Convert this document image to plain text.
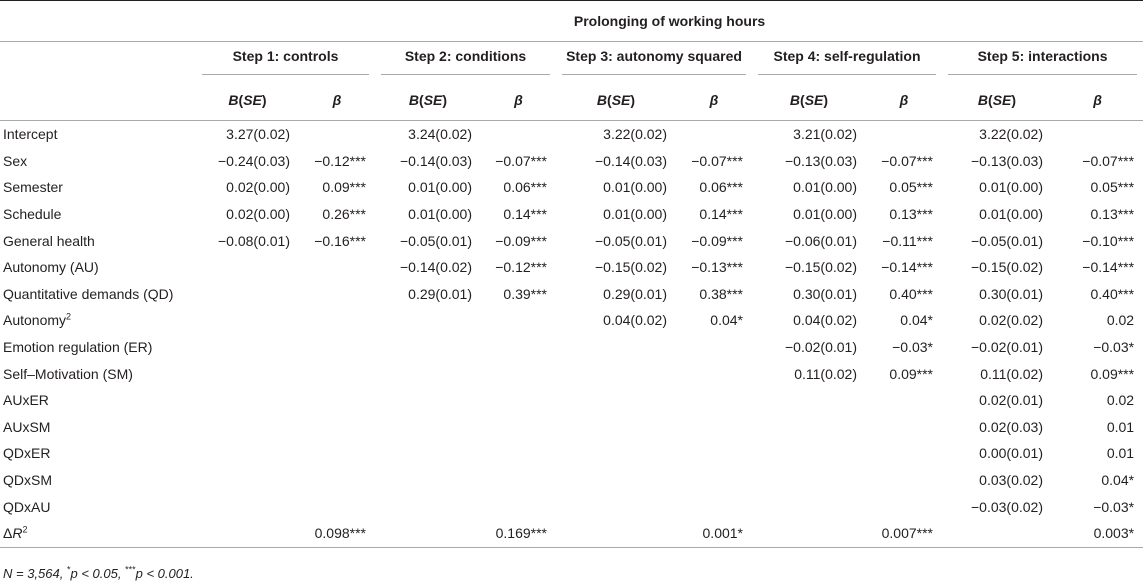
	Prolonging of working hours									

	Step 1: controls		Step 2: conditions		Step 3: autonomy squared		Step 4: self-regulation		Step 5: interactions	

	B(SE)	β	B(SE)	β	B(SE)	β	B(SE)	β	B(SE)	β
Intercept	3.27(0.02)		3.24(0.02)		3.22(0.02)		3.21(0.02)		3.22(0.02)	
Sex	−0.24(0.03)	−0.12***	−0.14(0.03)	−0.07***	−0.14(0.03)	−0.07***	−0.13(0.03)	−0.07***	−0.13(0.03)	−0.07***
Semester	0.02(0.00)	0.09***	0.01(0.00)	0.06***	0.01(0.00)	0.06***	0.01(0.00)	0.05***	0.01(0.00)	0.05***
Schedule	0.02(0.00)	0.26***	0.01(0.00)	0.14***	0.01(0.00)	0.14***	0.01(0.00)	0.13***	0.01(0.00)	0.13***
General health	−0.08(0.01)	−0.16***	−0.05(0.01)	−0.09***	−0.05(0.01)	−0.09***	−0.06(0.01)	−0.11***	−0.05(0.01)	−0.10***
Autonomy (AU)			−0.14(0.02)	−0.12***	−0.15(0.02)	−0.13***	−0.15(0.02)	−0.14***	−0.15(0.02)	−0.14***
Quantitative demands (QD)			0.29(0.01)	0.39***	0.29(0.01)	0.38***	0.30(0.01)	0.40***	0.30(0.01)	0.40***
Autonomy$^2$					0.04(0.02)	0.04*	0.04(0.02)	0.04*	0.02(0.02)	0.02
Emotion regulation (ER)							−0.02(0.01)	−0.03*	−0.02(0.01)	−0.03*
Self–Motivation (SM)							0.11(0.02)	0.09***	0.11(0.02)	0.09***
AUxER									0.02(0.01)	0.02
AUxSM									0.02(0.03)	0.01
QDxER									0.00(0.01)	0.01
QDxSM									0.03(0.02)	0.04*
QDxAU									−0.03(0.02)	−0.03*
$\Delta R^2$		0.098***		0.169***		0.001*		0.007***		0.003*
N = 3,564, *p < 0.05, ***p < 0.001.
